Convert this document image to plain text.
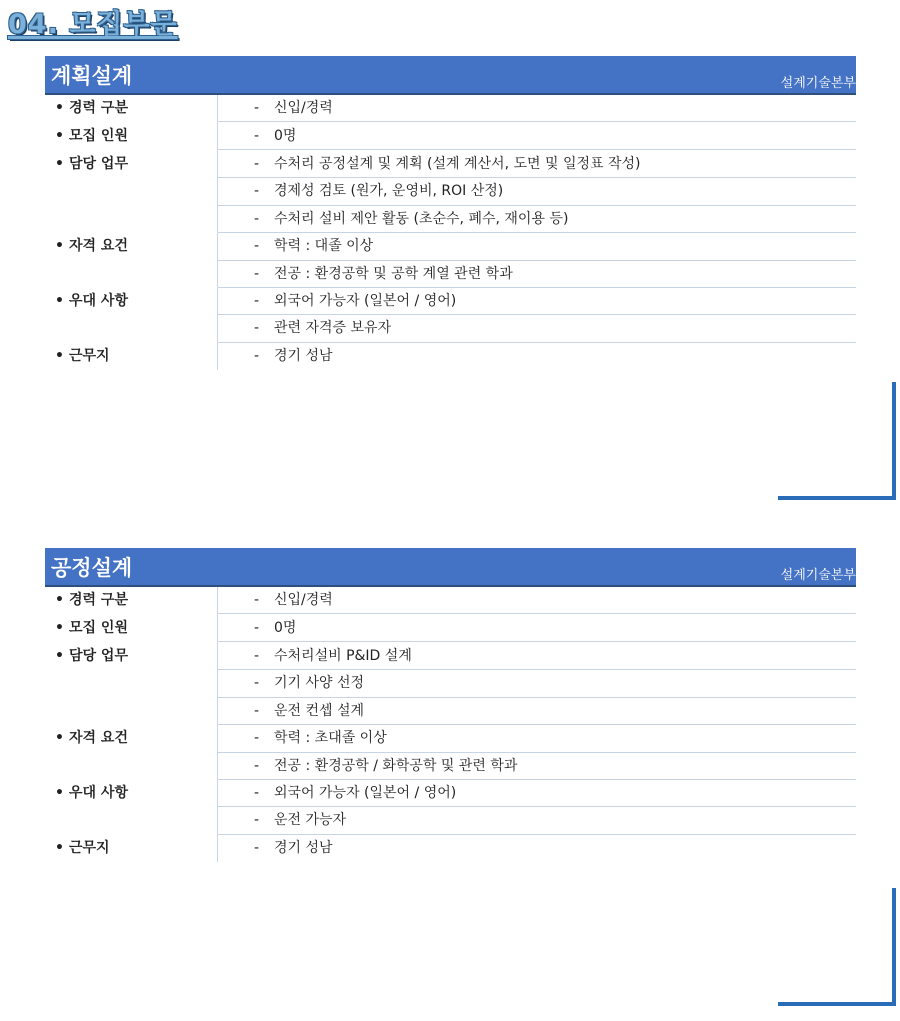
04. 모집부문
계획설계	설계기술본부
• 경력 구분	- 신입/경력
• 모집 인원	- 0명
• 담당 업무	- 수처리 공정설계 및 계획 (설계 계산서, 도면 및 일정표 작성)
- 경제성 검토 (원가, 운영비, ROI 산정)
- 수처리 설비 제안 활동 (초순수, 폐수, 재이용 등)
• 자격 요건	- 학력 : 대졸 이상
- 전공 : 환경공학 및 공학 계열 관련 학과
• 우대 사항	- 외국어 가능자 (일본어 / 영어)
- 관련 자격증 보유자
• 근무지	- 경기 성남
공정설계	설계기술본부
• 경력 구분	- 신입/경력
• 모집 인원	- 0명
• 담당 업무	- 수처리설비 P&ID 설계
- 기기 사양 선정
- 운전 컨셉 설계
• 자격 요건	- 학력 : 초대졸 이상
- 전공 : 환경공학 / 화학공학 및 관련 학과
• 우대 사항	- 외국어 가능자 (일본어 / 영어)
- 운전 가능자
• 근무지	- 경기 성남
